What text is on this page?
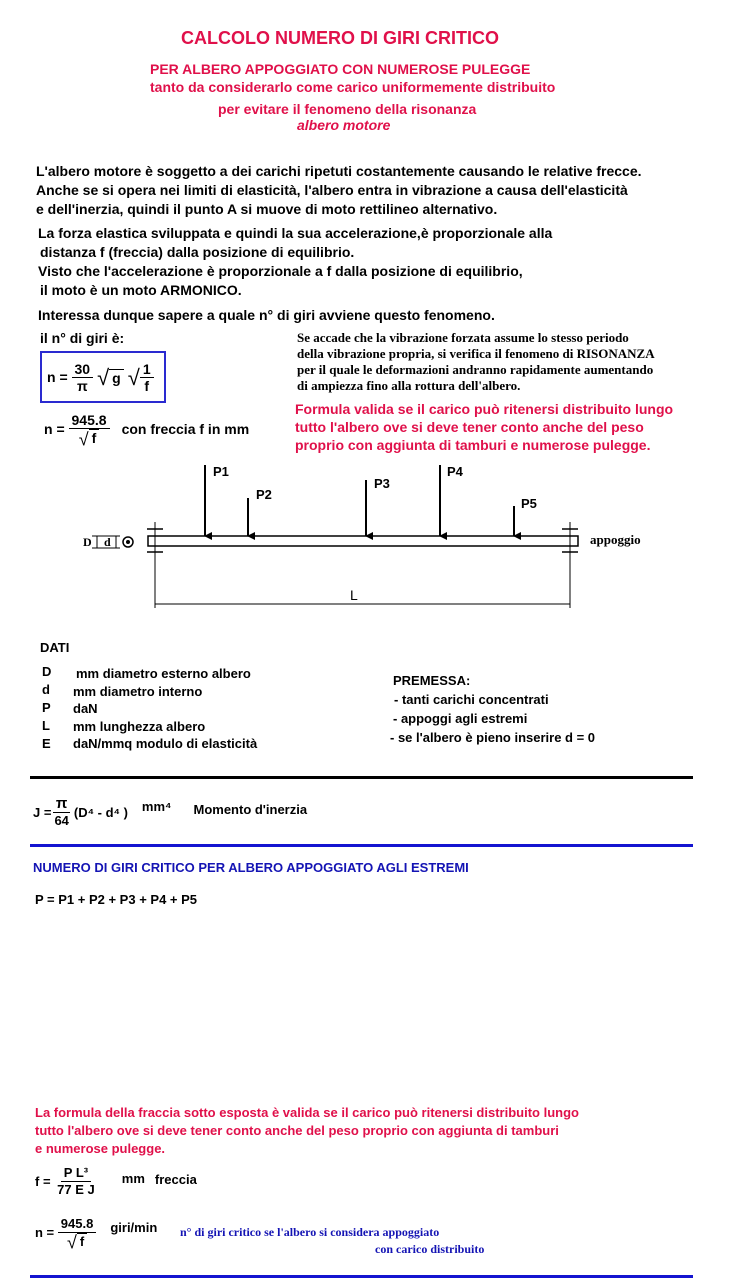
CALCOLO NUMERO DI GIRI CRITICO
PER ALBERO APPOGGIATO CON NUMEROSE PULEGGE
tanto da considerarlo come carico uniformemente distribuito
per evitare il fenomeno della risonanza
albero motore
L'albero motore è soggetto a dei carichi ripetuti costantemente causando le relative frecce.
Anche se si opera nei limiti di elasticità, l'albero entra in vibrazione a causa dell'elasticità
e dell'inerzia, quindi il punto A si muove di moto rettilineo alternativo.
La forza elastica sviluppata e quindi la sua accelerazione,è proporzionale alla
distanza f (freccia) dalla posizione di equilibrio.
Visto che l'accelerazione è proporzionale a f dalla posizione di equilibrio,
il moto è un moto ARMONICO.
Interessa dunque sapere a quale n° di giri avviene questo fenomeno.
il n° di giri è:
n =
$\frac{30}{\pi}$ √ g √ $\frac{1}{f}$
n =
$\frac{945.8}{√ f}$ con freccia f in mm
Se accade che la vibrazione forzata assume lo stesso periodo
della vibrazione propria, si verifica il fenomeno di RISONANZA
per il quale le deformazioni andranno rapidamente aumentando
di ampiezza fino alla rottura dell'albero.
Formula valida se il carico può ritenersi distribuito lungo
tutto l'albero ove si deve tener conto anche del peso
proprio con aggiunta di tamburi e numerose pulegge.
P1
P2
P3
P4
P5
D d	appoggio
L
DATI
D
d
P
L
E
mm diametro esterno albero
mm diametro interno
daN
mm lunghezza albero
daN/mmq modulo di elasticità
PREMESSA:
- tanti carichi concentrati
- appoggi agli estremi
- se l'albero è pieno inserire d = 0
$J = \frac{\pi}{64} (D^4 - d^4$ ) mm⁴ Momento d'inerzia
NUMERO DI GIRI CRITICO PER ALBERO APPOGGIATO AGLI ESTREMI
P = P1 + P2 + P3 + P4 + P5
La formula della fraccia sotto esposta è valida se il carico può ritenersi distribuito lungo
tutto l'albero ove si deve tener conto anche del peso proprio con aggiunta di tamburi
e numerose pulegge.
f =
$\frac{\text{P L³}}{\text{77 E J}}$ mm freccia
n =
$\frac{945.8}{√ f}$ giri/min n° di giri critico se l'albero si considera appoggiato
con carico distribuito
